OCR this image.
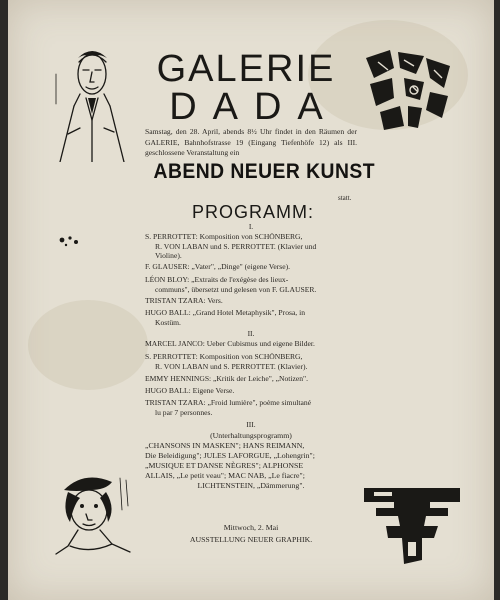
GALERIE
DADA
Samstag, den 28. April, abends 8½ Uhr findet in den Räumen der GALERIE, Bahnhofstrasse 19 (Eingang Tiefenhöfe 12) als III. geschlossene Veranstaltung ein
ABEND NEUER KUNST
statt.
PROGRAMM:
I.
S. PERROTTET: Komposition von SCHÖNBERG,
R. VON LABAN und S. PERROTTET. (Klavier und
Violine).
F. GLAUSER: „Vater", „Dinge" (eigene Verse).
LÉON BLOY: „Extraits de l'exégèse des lieux-
communs", übersetzt und gelesen von F. GLAUSER.
TRISTAN TZARA: Vers.
HUGO BALL: „Grand Hotel Metaphysik", Prosa, in
Kostüm.
II.
MARCEL JANCO: Ueber Cubismus und eigene Bilder.
S. PERROTTET: Komposition von SCHÖNBERG,
R. VON LABAN und S. PERROTTET. (Klavier).
EMMY HENNINGS: „Kritik der Leiche", „Notizen".
HUGO BALL: Eigene Verse.
TRISTAN TZARA: „Froid lumière", poème simultané
lu par 7 personnes.
III.
(Unterhaltungsprogramm)
„CHANSONS IN MASKEN"; HANS REIMANN,
Die Beleidigung"; JULES LAFORGUE, „Lohengrin";
„MUSIQUE ET DANSE NÈGRES"; ALPHONSE
ALLAIS, „Le petit veau"; MAC NAB, „Le fiacre";
LICHTENSTEIN, „Dämmerung".
Mittwoch, 2. Mai
AUSSTELLUNG NEUER GRAPHIK.
